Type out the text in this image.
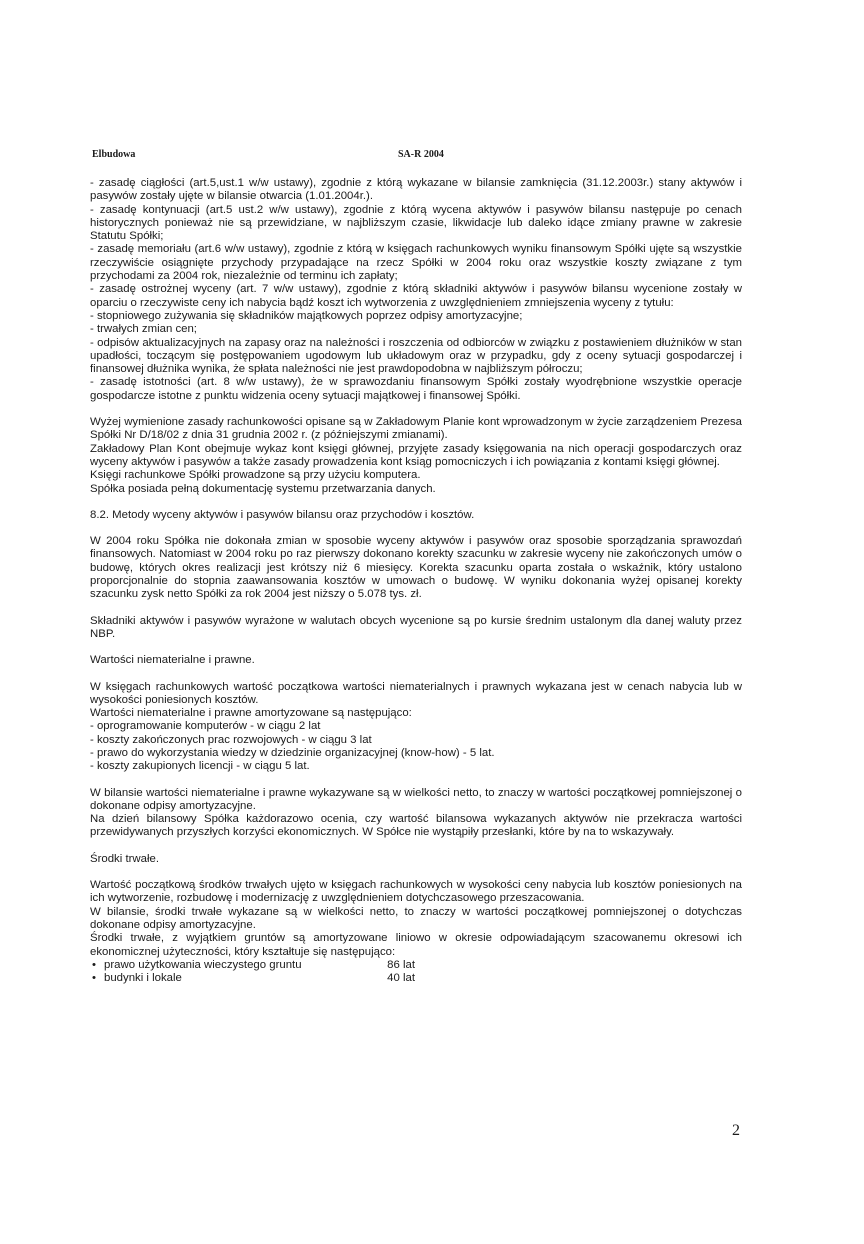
Elbudowa	SA-R 2004

- zasadę ciągłości (art.5,ust.1 w/w ustawy), zgodnie z którą wykazane w bilansie zamknięcia (31.12.2003r.) stany aktywów i pasywów zostały ujęte w bilansie otwarcia (1.01.2004r.).

- zasadę kontynuacji (art.5 ust.2 w/w ustawy), zgodnie z którą wycena aktywów i pasywów bilansu następuje po cenach historycznych ponieważ nie są przewidziane, w najbliższym czasie, likwidacje lub daleko idące zmiany prawne w zakresie Statutu Spółki;

- zasadę memoriału (art.6 w/w ustawy), zgodnie z którą w księgach rachunkowych wyniku finansowym Spółki ujęte są wszystkie rzeczywiście osiągnięte przychody przypadające na rzecz Spółki w 2004 roku oraz wszystkie koszty związane z tym przychodami za 2004 rok, niezależnie od terminu ich zapłaty;

- zasadę ostrożnej wyceny (art. 7 w/w ustawy), zgodnie z którą składniki aktywów i pasywów bilansu wycenione zostały w oparciu o rzeczywiste ceny ich nabycia bądź koszt ich wytworzenia z uwzględnieniem zmniejszenia wyceny z tytułu:

- stopniowego zużywania się składników majątkowych poprzez odpisy amortyzacyjne;

- trwałych zmian cen;

- odpisów aktualizacyjnych na zapasy oraz na należności i roszczenia od odbiorców w związku z postawieniem dłużników w stan upadłości, toczącym się postępowaniem ugodowym lub układowym oraz w przypadku, gdy z oceny sytuacji gospodarczej i finansowej dłużnika wynika, że spłata należności nie jest prawdopodobna w najbliższym półroczu;

- zasadę istotności (art. 8 w/w ustawy), że w sprawozdaniu finansowym Spółki zostały wyodrębnione wszystkie operacje gospodarcze istotne z punktu widzenia oceny sytuacji majątkowej i finansowej Spółki.

Wyżej wymienione zasady rachunkowości opisane są w Zakładowym Planie kont wprowadzonym w życie zarządzeniem Prezesa Spółki Nr D/18/02 z dnia 31 grudnia 2002 r. (z późniejszymi zmianami).

Zakładowy Plan Kont obejmuje wykaz kont księgi głównej, przyjęte zasady księgowania na nich operacji gospodarczych oraz wyceny aktywów i pasywów a także zasady prowadzenia kont ksiąg pomocniczych i ich powiązania z kontami księgi głównej.

Księgi rachunkowe Spółki prowadzone są przy użyciu komputera.

Spółka posiada pełną dokumentację systemu przetwarzania danych.

8.2. Metody wyceny aktywów i pasywów bilansu oraz przychodów i kosztów.

W 2004 roku Spółka nie dokonała zmian w sposobie wyceny aktywów i pasywów oraz sposobie sporządzania sprawozdań finansowych. Natomiast w 2004 roku po raz pierwszy dokonano korekty szacunku w zakresie wyceny nie zakończonych umów o budowę, których okres realizacji jest krótszy niż 6 miesięcy. Korekta szacunku oparta została o wskaźnik, który ustalono proporcjonalnie do stopnia zaawansowania kosztów w umowach o budowę. W wyniku dokonania wyżej opisanej korekty szacunku zysk netto Spółki za rok 2004 jest niższy o 5.078 tys. zł.

Składniki aktywów i pasywów wyrażone w walutach obcych wycenione są po kursie średnim ustalonym dla danej waluty przez NBP.

Wartości niematerialne i prawne.

W księgach rachunkowych wartość początkowa wartości niematerialnych i prawnych wykazana jest w cenach nabycia lub w wysokości poniesionych kosztów.

Wartości niematerialne i prawne amortyzowane są następująco:

- oprogramowanie komputerów - w ciągu 2 lat

- koszty zakończonych prac rozwojowych - w ciągu 3 lat

- prawo do wykorzystania wiedzy w dziedzinie organizacyjnej (know-how) - 5 lat.

- koszty zakupionych licencji - w ciągu 5 lat.

W bilansie wartości niematerialne i prawne wykazywane są w wielkości netto, to znaczy w wartości początkowej pomniejszonej o dokonane odpisy amortyzacyjne.

Na dzień bilansowy Spółka każdorazowo ocenia, czy wartość bilansowa wykazanych aktywów nie przekracza wartości przewidywanych przyszłych korzyści ekonomicznych. W Spółce nie wystąpiły przesłanki, które by na to wskazywały.

Środki trwałe.

Wartość początkową środków trwałych ujęto w księgach rachunkowych w wysokości ceny nabycia lub kosztów poniesionych na ich wytworzenie, rozbudowę i modernizację z uwzględnieniem dotychczasowego przeszacowania.

W bilansie, środki trwałe wykazane są w wielkości netto, to znaczy w wartości początkowej pomniejszonej o dotychczas dokonane odpisy amortyzacyjne.

Środki trwałe, z wyjątkiem gruntów są amortyzowane liniowo w okresie odpowiadającym szacowanemu okresowi ich ekonomicznej użyteczności, który kształtuje się następująco:

• prawo użytkowania wieczystego gruntu	86 lat
• budynki i lokale	40 lat
2
